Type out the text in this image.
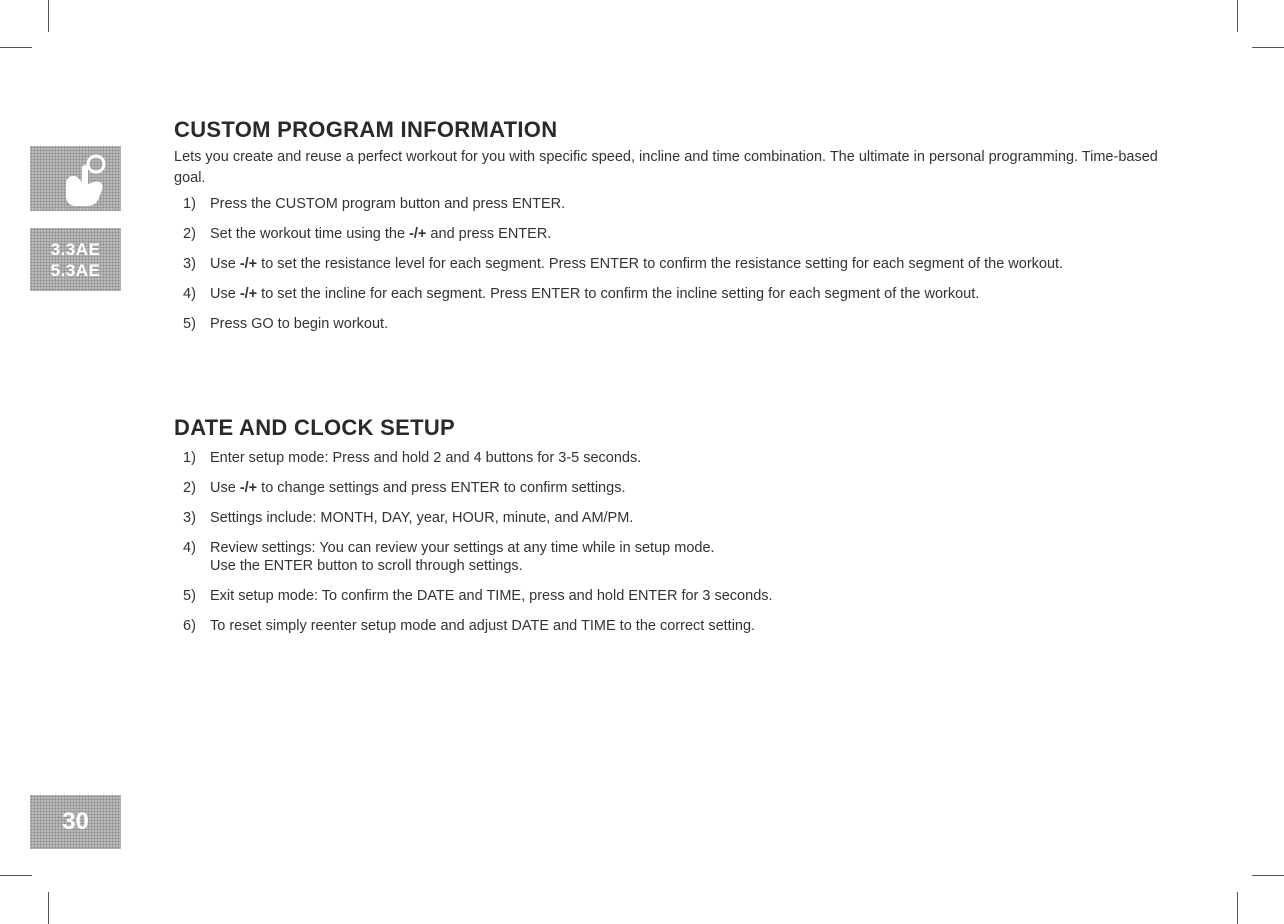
3.3AE
5.3AE
30
CUSTOM PROGRAM INFORMATION

Lets you create and reuse a perfect workout for you with specific speed, incline and time combination. The ultimate in personal programming. Time-based goal.

1) Press the CUSTOM program button and press ENTER.
2) Set the workout time using the -/+ and press ENTER.
3) Use -/+ to set the resistance level for each segment. Press ENTER to confirm the resistance setting for each segment of the workout.
4) Use -/+ to set the incline for each segment. Press ENTER to confirm the incline setting for each segment of the workout.
5) Press GO to begin workout.
DATE AND CLOCK SETUP
1) Enter setup mode: Press and hold 2 and 4 buttons for 3-5 seconds.
2) Use -/+ to change settings and press ENTER to confirm settings.
3) Settings include: MONTH, DAY, year, HOUR, minute, and AM/PM.
4) Review settings: You can review your settings at any time while in setup mode.
Use the ENTER button to scroll through settings.
5) Exit setup mode: To confirm the DATE and TIME, press and hold ENTER for 3 seconds.
6) To reset simply reenter setup mode and adjust DATE and TIME to the correct setting.
